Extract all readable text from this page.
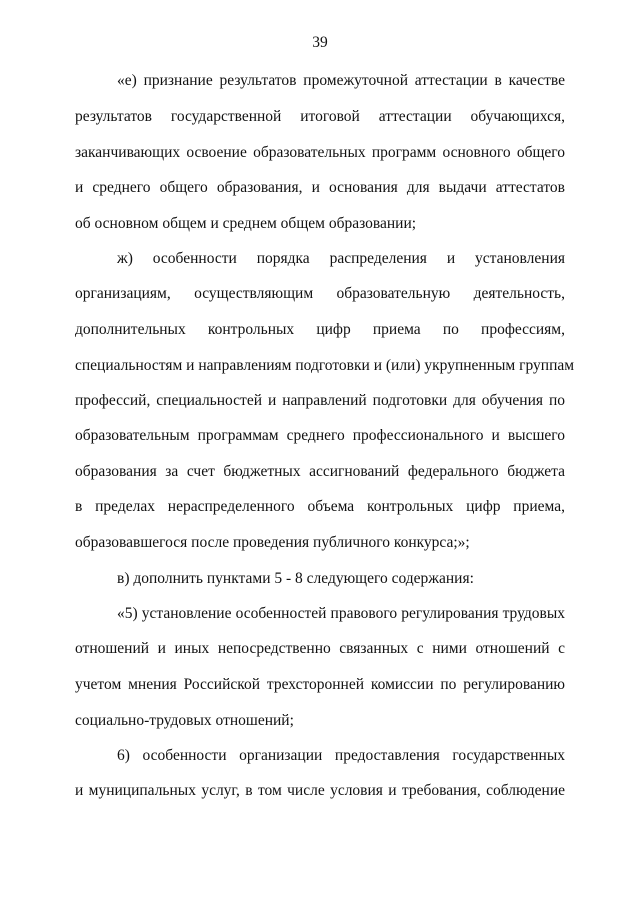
39
«е) признание результатов промежуточной аттестации в качестве
результатов государственной итоговой аттестации обучающихся,
заканчивающих освоение образовательных программ основного общего
и среднего общего образования, и основания для выдачи аттестатов
об основном общем и среднем общем образовании;
ж) особенности порядка распределения и установления
организациям, осуществляющим образовательную деятельность,
дополнительных контрольных цифр приема по профессиям,
специальностям и направлениям подготовки и (или) укрупненным группам
профессий, специальностей и направлений подготовки для обучения по
образовательным программам среднего профессионального и высшего
образования за счет бюджетных ассигнований федерального бюджета
в пределах нераспределенного объема контрольных цифр приема,
образовавшегося после проведения публичного конкурса;»;
в) дополнить пунктами 5 - 8 следующего содержания:
«5) установление особенностей правового регулирования трудовых
отношений и иных непосредственно связанных с ними отношений с
учетом мнения Российской трехсторонней комиссии по регулированию
социально-трудовых отношений;
6) особенности организации предоставления государственных
и муниципальных услуг, в том числе условия и требования, соблюдение
